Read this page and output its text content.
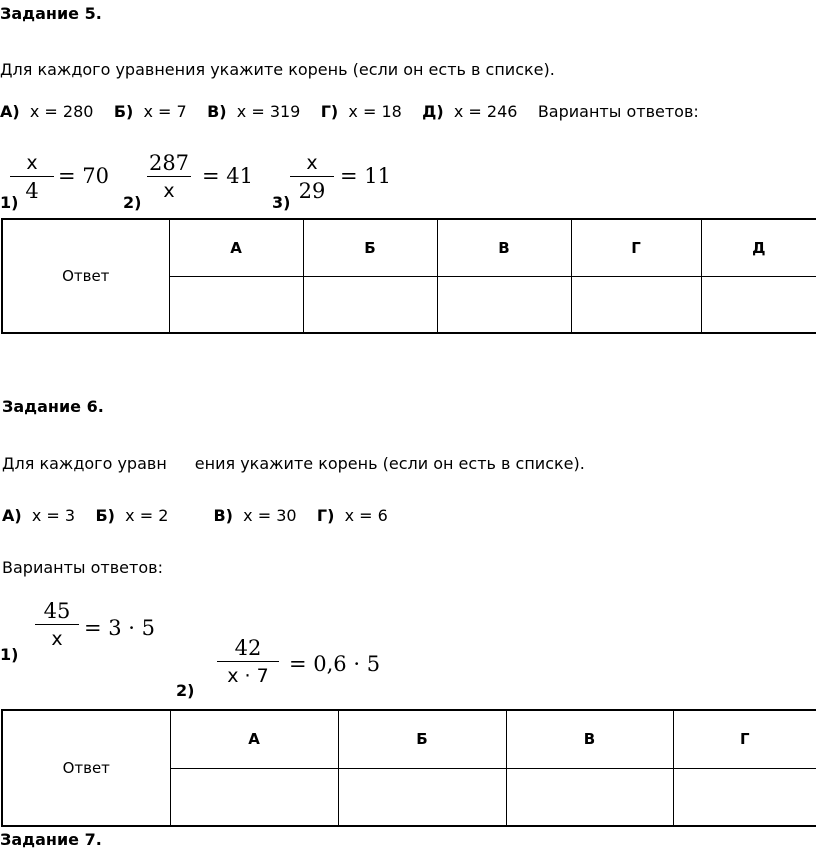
Задание 5.
Для каждого уравнения укажите корень (если он есть в списке).
А) х = 280 Б) х = 7 В) х = 319 Г) х = 18 Д) х = 246 Варианты ответов:
1)
х
4
= 70
2)
287
х
= 41
3)
х
29
= 11
Ответ	А	Б	В	Г	Д

Задание 6.
Для каждого уравн ения укажите корень (если он есть в списке).
А) х = 3 Б) х = 2	В) х = 30 Г) х = 6
Варианты ответов:
1)
45
х	= 3 · 5
2)
42
х · 7 = 0,6 · 5
Ответ	А	Б	В	Г

Задание 7.
